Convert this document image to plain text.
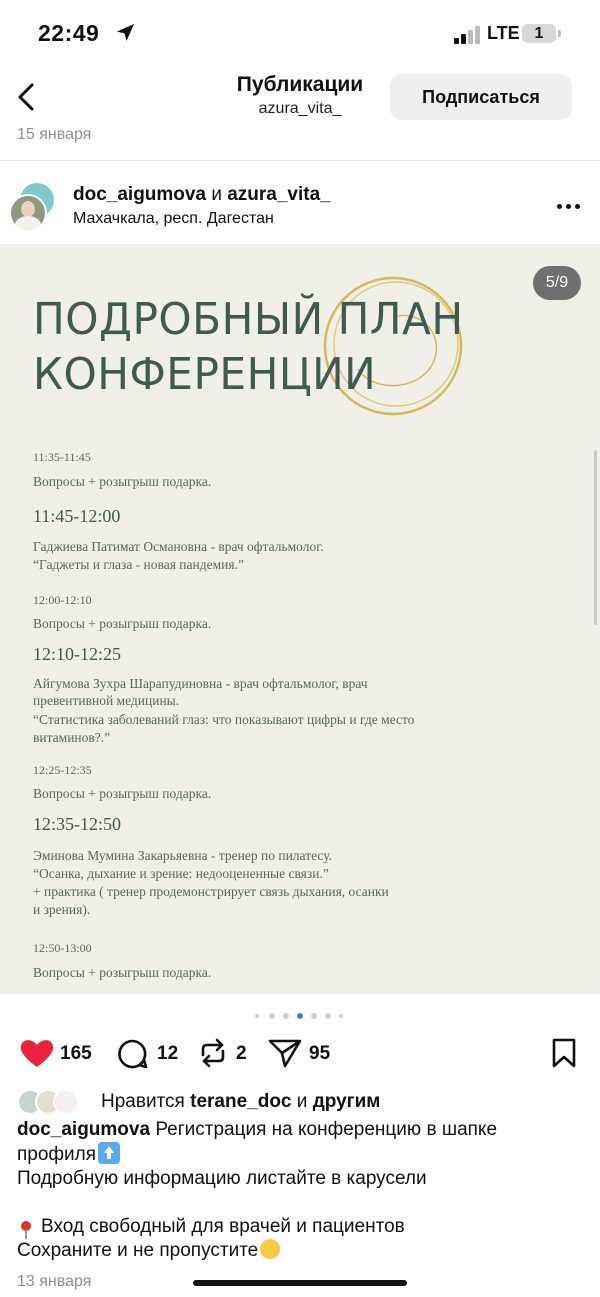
22:49	LTE 1
Публикации
azura_vita_
Подписаться
15 января
doc_aigumova и azura_vita_
Махачкала, респ. Дагестан
5/9
ПОДРОБНЫЙ ПЛАН
КОНФЕРЕНЦИИ
11:35-11:45
Вопросы + розыгрыш подарка.
11:45-12:00
Гаджиева Патимат Османовна - врач офтальмолог.
“Гаджеты и глаза - новая пандемия.”
12:00-12:10
Вопросы + розыгрыш подарка.
12:10-12:25
Айгумова Зухра Шарапудиновна - врач офтальмолог, врач
превентивной медицины.
“Статистика заболеваний глаз: что показывают цифры и где место
витаминов?.”
12:25-12:35
Вопросы + розыгрыш подарка.
12:35-12:50
Эминова Мумина Закарьяевна - тренер по пилатесу.
“Осанка, дыхание и зрение: недооцененные связи.”
+ практика ( тренер продемонстрирует связь дыхания, осанки
и зрения).
12:50-13:00
Вопросы + розыгрыш подарка.
165	12	2	95
Нравится terane_doc и другим
doc_aigumova Регистрация на конференцию в шапке профиля
Подробную информацию листайте в карусели
Вход свободный для врачей и пациентов
Сохраните и не пропустите
13 января
